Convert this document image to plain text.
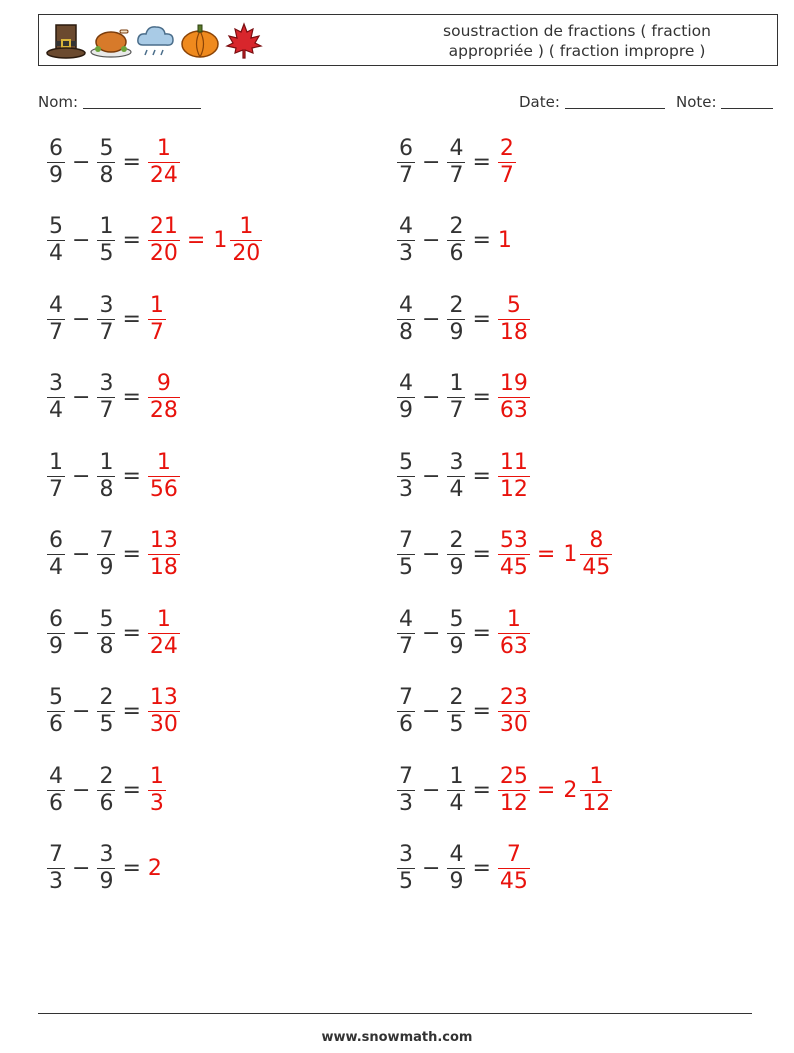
soustraction de fractions ( fraction appropriée ) ( fraction impropre )
Nom:	Date:	Note:
$\frac{6}{9} - \frac{5}{8} = \frac{1}{24}$
$\frac{5}{4} - \frac{1}{5} = \frac{21}{20} = 1 \frac{1}{20}$
$\frac{4}{7} - \frac{3}{7} = \frac{1}{7}$
$\frac{3}{4} - \frac{3}{7} = \frac{9}{28}$
$\frac{1}{7} - \frac{1}{8} = \frac{1}{56}$
$\frac{6}{4} - \frac{7}{9} = \frac{13}{18}$
$\frac{6}{9} - \frac{5}{8} = \frac{1}{24}$
$\frac{5}{6} - \frac{2}{5} = \frac{13}{30}$
$\frac{4}{6} - \frac{2}{6} = \frac{1}{3}$
$\frac{7}{3} - \frac{3}{9} = 2$
$\frac{6}{7} - \frac{4}{7} = \frac{2}{7}$
$\frac{4}{3} - \frac{2}{6} = 1$
$\frac{4}{8} - \frac{2}{9} = \frac{5}{18}$
$\frac{4}{9} - \frac{1}{7} = \frac{19}{63}$
$\frac{5}{3} - \frac{3}{4} = \frac{11}{12}$
$\frac{7}{5} - \frac{2}{9} = \frac{53}{45} = 1 \frac{8}{45}$
$\frac{4}{7} - \frac{5}{9} = \frac{1}{63}$
$\frac{7}{6} - \frac{2}{5} = \frac{23}{30}$
$\frac{7}{3} - \frac{1}{4} = \frac{25}{12} = 2 \frac{1}{12}$
$\frac{3}{5} - \frac{4}{9} = \frac{7}{45}$
www.snowmath.com
